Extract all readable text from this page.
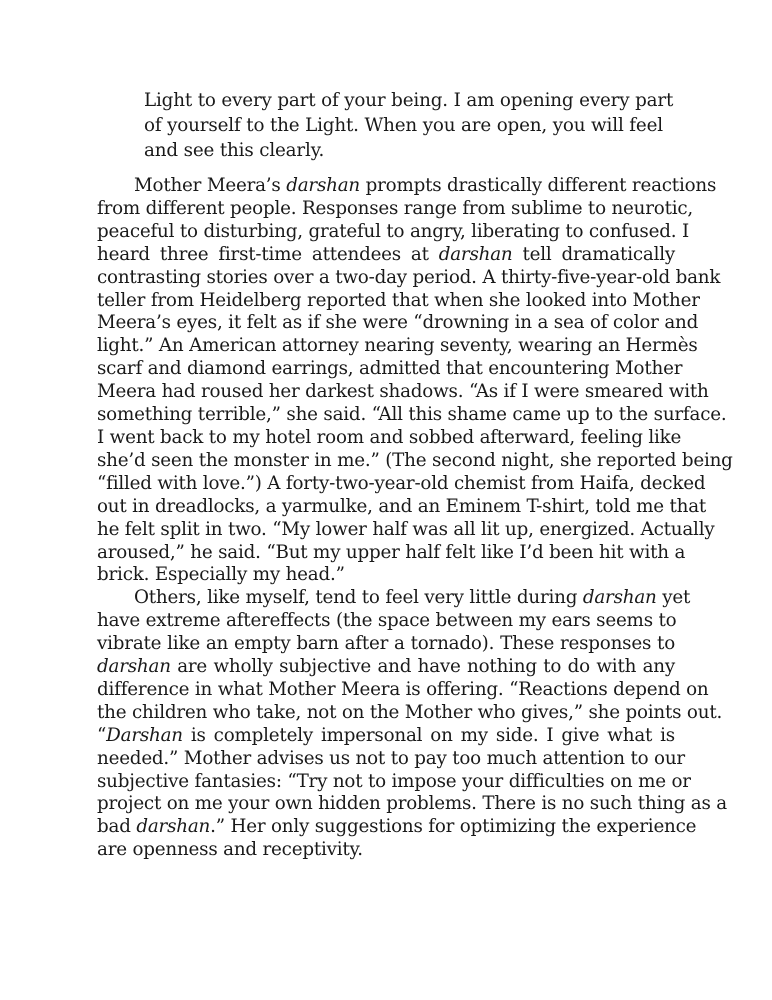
Light to every part of your being. I am opening every part
of yourself to the Light. When you are open, you will feel
and see this clearly.

Mother Meera’s darshan prompts drastically different reactions
from different people. Responses range from sublime to neurotic,
peaceful to disturbing, grateful to angry, liberating to confused. I
heard three first-time attendees at darshan tell dramatically
contrasting stories over a two-day period. A thirty-five-year-old bank
teller from Heidelberg reported that when she looked into Mother
Meera’s eyes, it felt as if she were “drowning in a sea of color and
light.” An American attorney nearing seventy, wearing an Hermès
scarf and diamond earrings, admitted that encountering Mother
Meera had roused her darkest shadows. “As if I were smeared with
something terrible,” she said. “All this shame came up to the surface.
I went back to my hotel room and sobbed afterward, feeling like
she’d seen the monster in me.” (The second night, she reported being
“filled with love.”) A forty-two-year-old chemist from Haifa, decked
out in dreadlocks, a yarmulke, and an Eminem T-shirt, told me that
he felt split in two. “My lower half was all lit up, energized. Actually
aroused,” he said. “But my upper half felt like I’d been hit with a
brick. Especially my head.”

Others, like myself, tend to feel very little during darshan yet
have extreme aftereffects (the space between my ears seems to
vibrate like an empty barn after a tornado). These responses to
darshan are wholly subjective and have nothing to do with any
difference in what Mother Meera is offering. “Reactions depend on
the children who take, not on the Mother who gives,” she points out.
“Darshan is completely impersonal on my side. I give what is
needed.” Mother advises us not to pay too much attention to our
subjective fantasies: “Try not to impose your difficulties on me or
project on me your own hidden problems. There is no such thing as a
bad darshan.” Her only suggestions for optimizing the experience
are openness and receptivity.
